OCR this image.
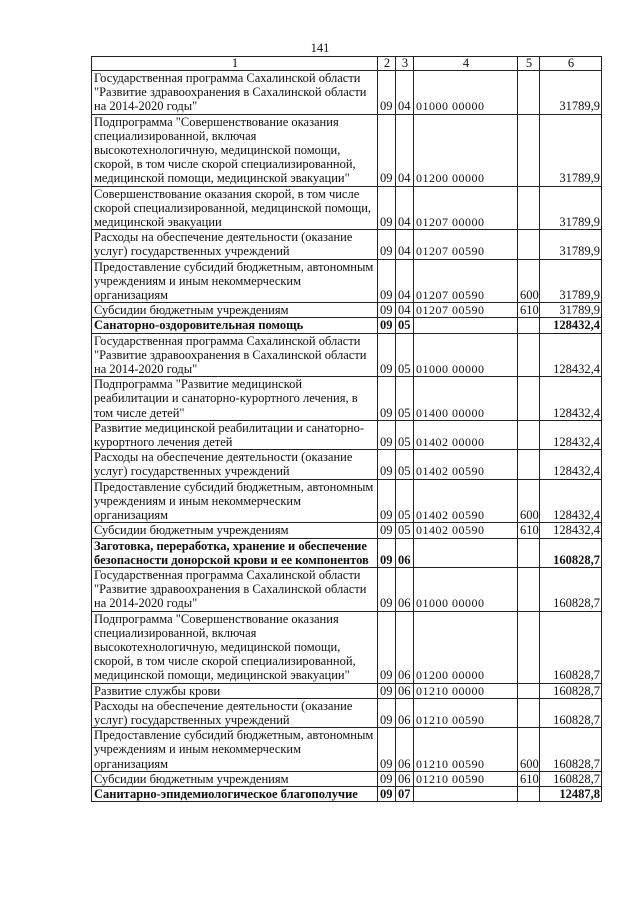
141
1	2	3	4	5	6
Государственная программа Сахалинской области "Развитие здравоохранения в Сахалинской области на 2014-2020 годы"	09	04	01000 00000		31789,9
Подпрограмма "Совершенствование оказания специализированной, включая высокотехнологичную, медицинской помощи, скорой, в том числе скорой специализированной, медицинской помощи, медицинской эвакуации"	09	04	01200 00000		31789,9
Совершенствование оказания скорой, в том числе скорой специализированной, медицинской помощи, медицинской эвакуации	09	04	01207 00000		31789,9
Расходы на обеспечение деятельности (оказание услуг) государственных учреждений	09	04	01207 00590		31789,9
Предоставление субсидий бюджетным, автономным учреждениям и иным некоммерческим организациям	09	04	01207 00590	600	31789,9
Субсидии бюджетным учреждениям	09	04	01207 00590	610	31789,9
Санаторно-оздоровительная помощь	09	05			128432,4
Государственная программа Сахалинской области "Развитие здравоохранения в Сахалинской области на 2014-2020 годы"	09	05	01000 00000		128432,4
Подпрограмма "Развитие медицинской реабилитации и санаторно-курортного лечения, в том числе детей"	09	05	01400 00000		128432,4
Развитие медицинской реабилитации и санаторно-курортного лечения детей	09	05	01402 00000		128432,4
Расходы на обеспечение деятельности (оказание услуг) государственных учреждений	09	05	01402 00590		128432,4
Предоставление субсидий бюджетным, автономным учреждениям и иным некоммерческим организациям	09	05	01402 00590	600	128432,4
Субсидии бюджетным учреждениям	09	05	01402 00590	610	128432,4
Заготовка, переработка, хранение и обеспечение безопасности донорской крови и ее компонентов	09	06			160828,7
Государственная программа Сахалинской области "Развитие здравоохранения в Сахалинской области на 2014-2020 годы"	09	06	01000 00000		160828,7
Подпрограмма "Совершенствование оказания специализированной, включая высокотехнологичную, медицинской помощи, скорой, в том числе скорой специализированной, медицинской помощи, медицинской эвакуации"	09	06	01200 00000		160828,7
Развитие службы крови	09	06	01210 00000		160828,7
Расходы на обеспечение деятельности (оказание услуг) государственных учреждений	09	06	01210 00590		160828,7
Предоставление субсидий бюджетным, автономным учреждениям и иным некоммерческим организациям	09	06	01210 00590	600	160828,7
Субсидии бюджетным учреждениям	09	06	01210 00590	610	160828,7
Санитарно-эпидемиологическое благополучие	09	07			12487,8
